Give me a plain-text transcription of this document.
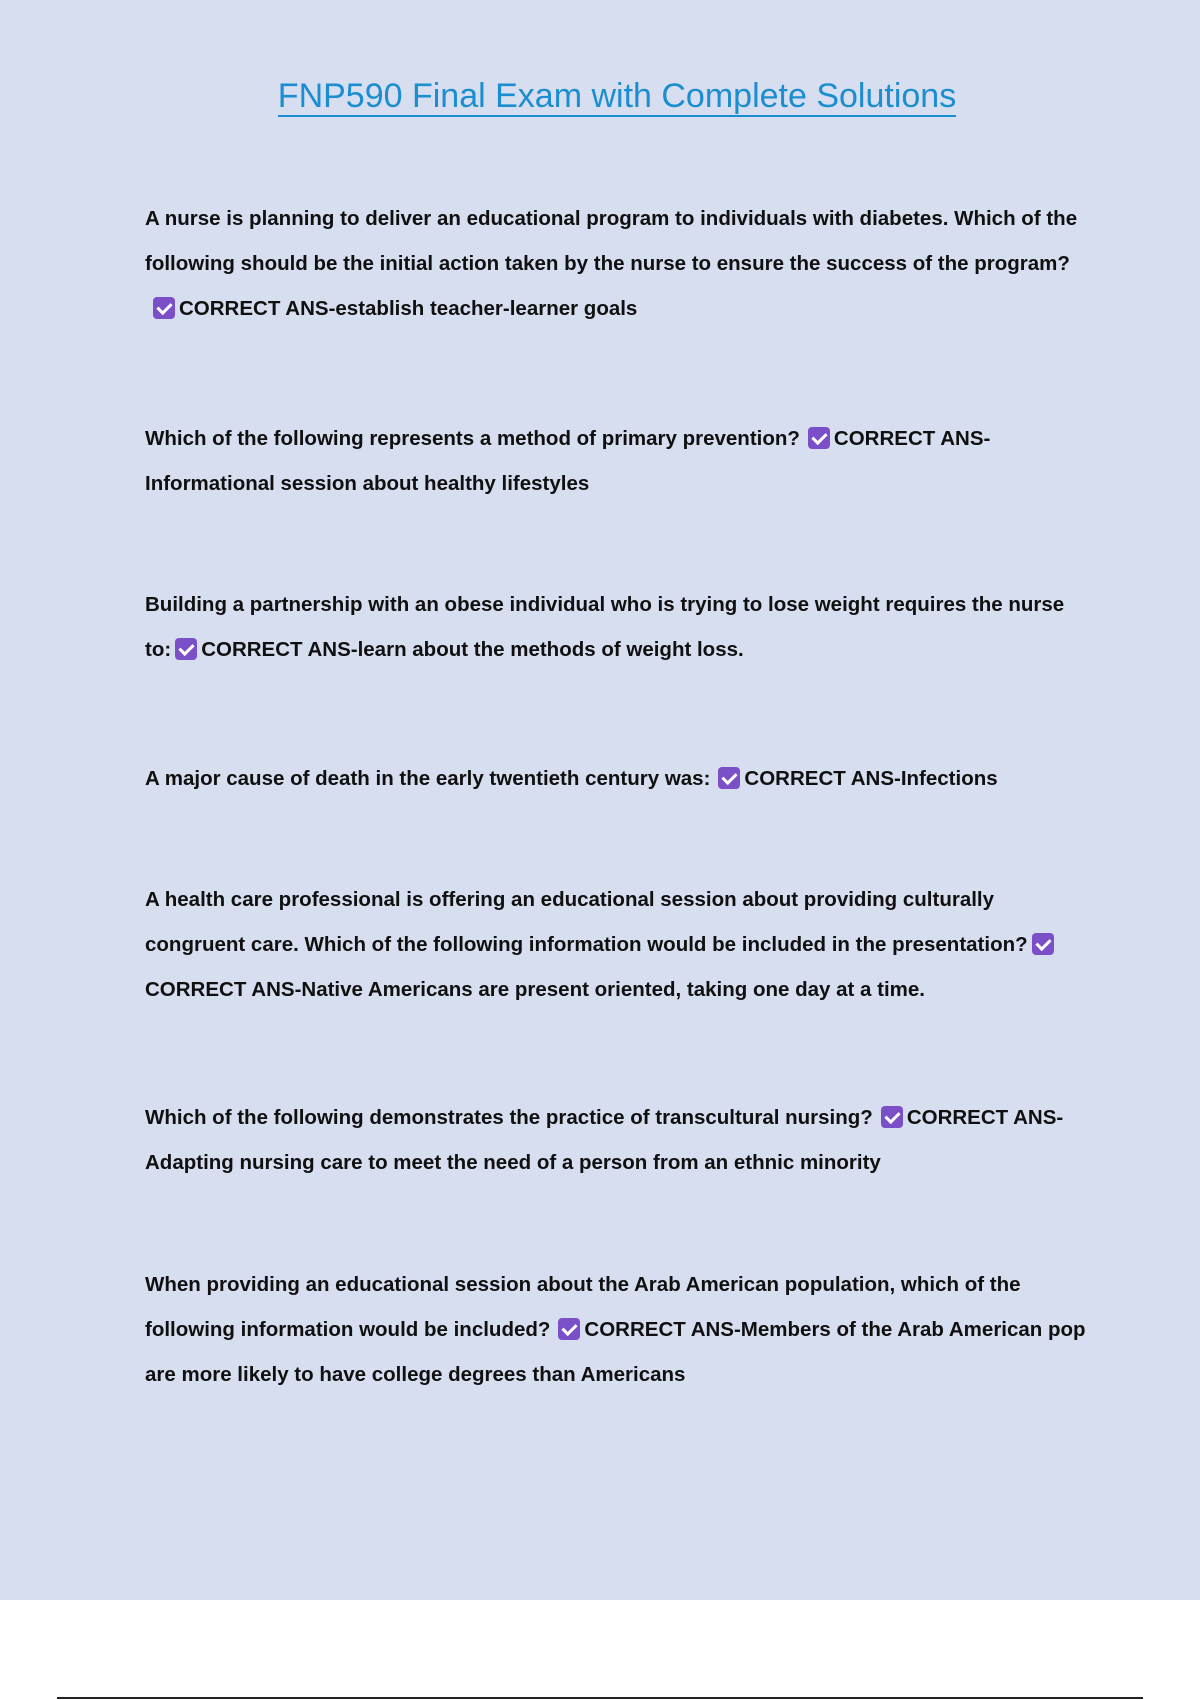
FNP590 Final Exam with Complete Solutions

A nurse is planning to deliver an educational program to individuals with diabetes. Which of the following should be the initial action taken by the nurse to ensure the success of the program?CORRECT ANS-establish teacher-learner goals

Which of the following represents a method of primary prevention? CORRECT ANS-Informational session about healthy lifestyles

Building a partnership with an obese individual who is trying to lose weight requires the nurse to: CORRECT ANS-learn about the methods of weight loss.

A major cause of death in the early twentieth century was: CORRECT ANS-Infections

A health care professional is offering an educational session about providing culturally congruent care. Which of the following information would be included in the presentation?CORRECT ANS-Native Americans are present oriented, taking one day at a time.

Which of the following demonstrates the practice of transcultural nursing? CORRECT ANS-Adapting nursing care to meet the need of a person from an ethnic minority

When providing an educational session about the Arab American population, which of the following information would be included? CORRECT ANS-Members of the Arab American pop are more likely to have college degrees than Americans
